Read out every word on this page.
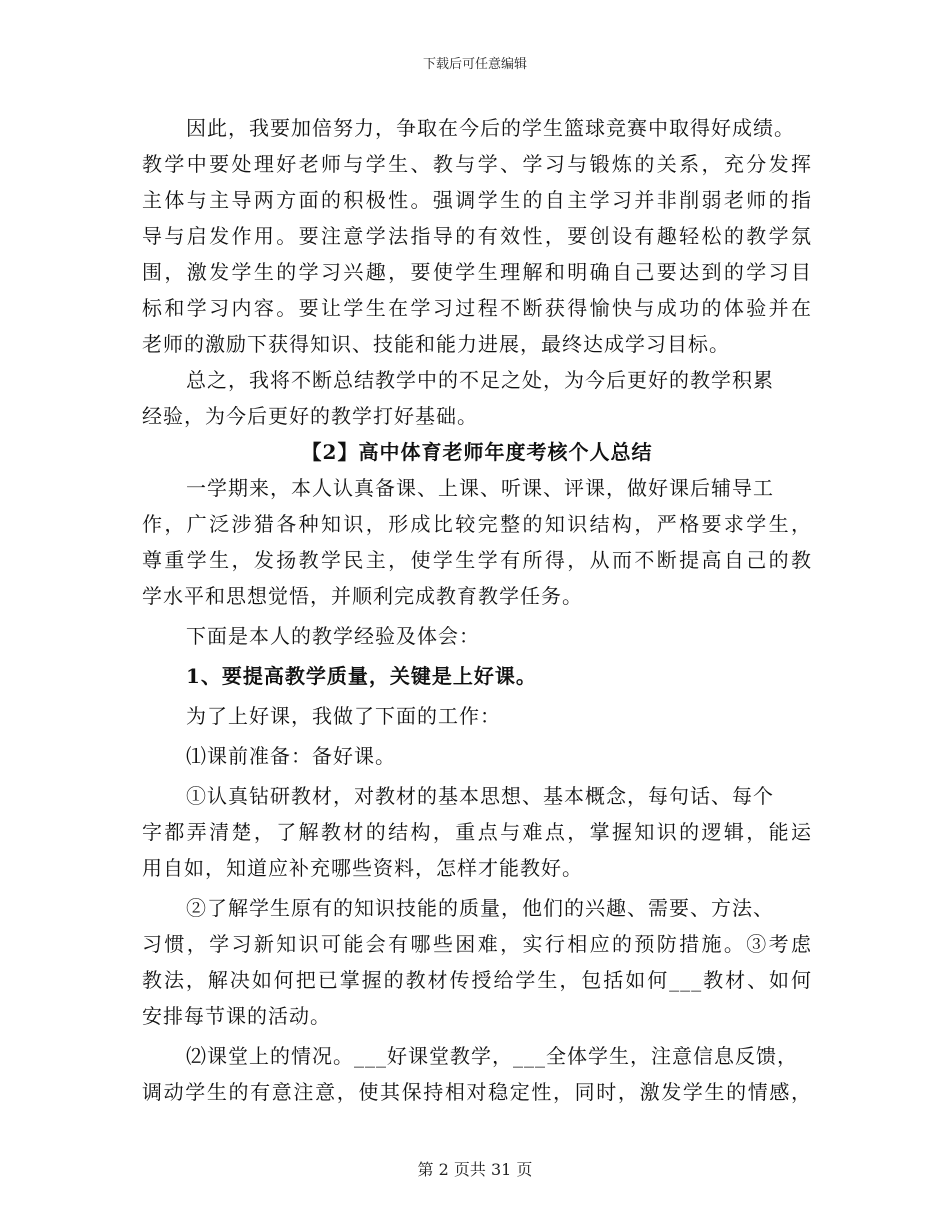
下载后可任意编辑
因此，我要加倍努力，争取在今后的学生篮球竞赛中取得好成绩。
教学中要处理好老师与学生、教与学、学习与锻炼的关系，充分发挥
主体与主导两方面的积极性。强调学生的自主学习并非削弱老师的指
导与启发作用。要注意学法指导的有效性，要创设有趣轻松的教学氛
围，激发学生的学习兴趣，要使学生理解和明确自己要达到的学习目
标和学习内容。要让学生在学习过程不断获得愉快与成功的体验并在
老师的激励下获得知识、技能和能力进展，最终达成学习目标。
总之，我将不断总结教学中的不足之处，为今后更好的教学积累
经验，为今后更好的教学打好基础。
【2】高中体育老师年度考核个人总结
一学期来，本人认真备课、上课、听课、评课，做好课后辅导工
作，广泛涉猎各种知识，形成比较完整的知识结构，严格要求学生，
尊重学生，发扬教学民主，使学生学有所得，从而不断提高自己的教
学水平和思想觉悟，并顺利完成教育教学任务。
下面是本人的教学经验及体会：
1、要提高教学质量，关键是上好课。
为了上好课，我做了下面的工作：
⑴课前准备：备好课。
①认真钻研教材，对教材的基本思想、基本概念，每句话、每个
字都弄清楚，了解教材的结构，重点与难点，掌握知识的逻辑，能运
用自如，知道应补充哪些资料，怎样才能教好。
②了解学生原有的知识技能的质量，他们的兴趣、需要、方法、
习惯，学习新知识可能会有哪些困难，实行相应的预防措施。③考虑
教法，解决如何把已掌握的教材传授给学生，包括如何___教材、如何
安排每节课的活动。
⑵课堂上的情况。___好课堂教学，___全体学生，注意信息反馈，
调动学生的有意注意，使其保持相对稳定性，同时，激发学生的情感，
第 2 页共 31 页
